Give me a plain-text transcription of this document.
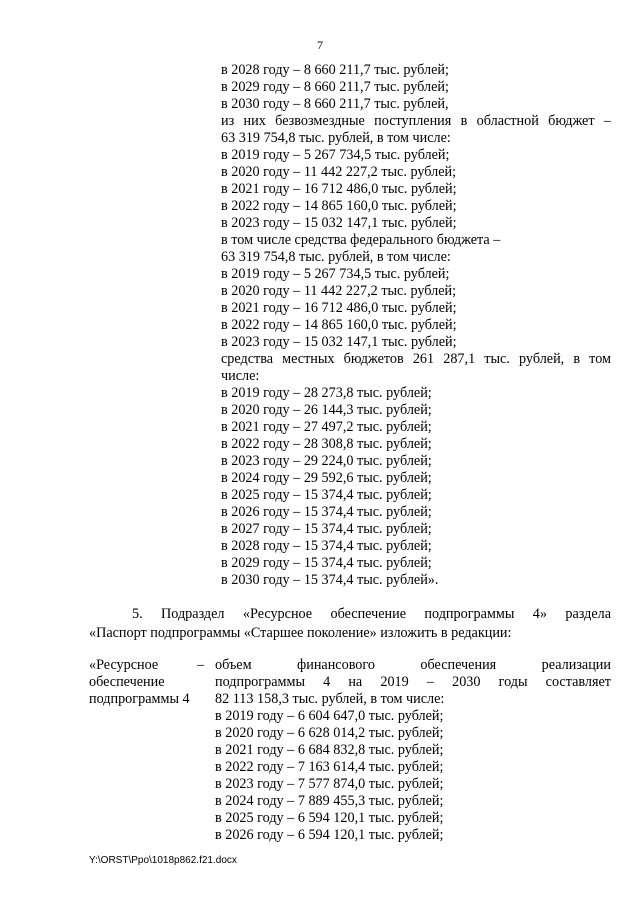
7
в 2028 году – 8 660 211,7 тыс. рублей;
в 2029 году – 8 660 211,7 тыс. рублей;
в 2030 году – 8 660 211,7 тыс. рублей,
из них безвозмездные поступления в областной бюджет –
63 319 754,8 тыс. рублей, в том числе:
в 2019 году – 5 267 734,5 тыс. рублей;
в 2020 году – 11 442 227,2 тыс. рублей;
в 2021 году – 16 712 486,0 тыс. рублей;
в 2022 году – 14 865 160,0 тыс. рублей;
в 2023 году – 15 032 147,1 тыс. рублей;
в том числе средства федерального бюджета –
63 319 754,8 тыс. рублей, в том числе:
в 2019 году – 5 267 734,5 тыс. рублей;
в 2020 году – 11 442 227,2 тыс. рублей;
в 2021 году – 16 712 486,0 тыс. рублей;
в 2022 году – 14 865 160,0 тыс. рублей;
в 2023 году – 15 032 147,1 тыс. рублей;
средства местных бюджетов 261 287,1 тыс. рублей, в том
числе:
в 2019 году – 28 273,8 тыс. рублей;
в 2020 году – 26 144,3 тыс. рублей;
в 2021 году – 27 497,2 тыс. рублей;
в 2022 году – 28 308,8 тыс. рублей;
в 2023 году – 29 224,0 тыс. рублей;
в 2024 году – 29 592,6 тыс. рублей;
в 2025 году – 15 374,4 тыс. рублей;
в 2026 году – 15 374,4 тыс. рублей;
в 2027 году – 15 374,4 тыс. рублей;
в 2028 году – 15 374,4 тыс. рублей;
в 2029 году – 15 374,4 тыс. рублей;
в 2030 году – 15 374,4 тыс. рублей».
5. Подраздел «Ресурсное обеспечение подпрограммы 4» раздела
«Паспорт подпрограммы «Старшее поколение» изложить в редакции:
«Ресурсное
обеспечение
подпрограммы 4
– объем финансового обеспечения реализации
подпрограммы 4 на 2019 – 2030 годы составляет
82 113 158,3 тыс. рублей, в том числе:
в 2019 году – 6 604 647,0 тыс. рублей;
в 2020 году – 6 628 014,2 тыс. рублей;
в 2021 году – 6 684 832,8 тыс. рублей;
в 2022 году – 7 163 614,4 тыс. рублей;
в 2023 году – 7 577 874,0 тыс. рублей;
в 2024 году – 7 889 455,3 тыс. рублей;
в 2025 году – 6 594 120,1 тыс. рублей;
в 2026 году – 6 594 120,1 тыс. рублей;
Y:\ORST\Ppo\1018p862.f21.docx
